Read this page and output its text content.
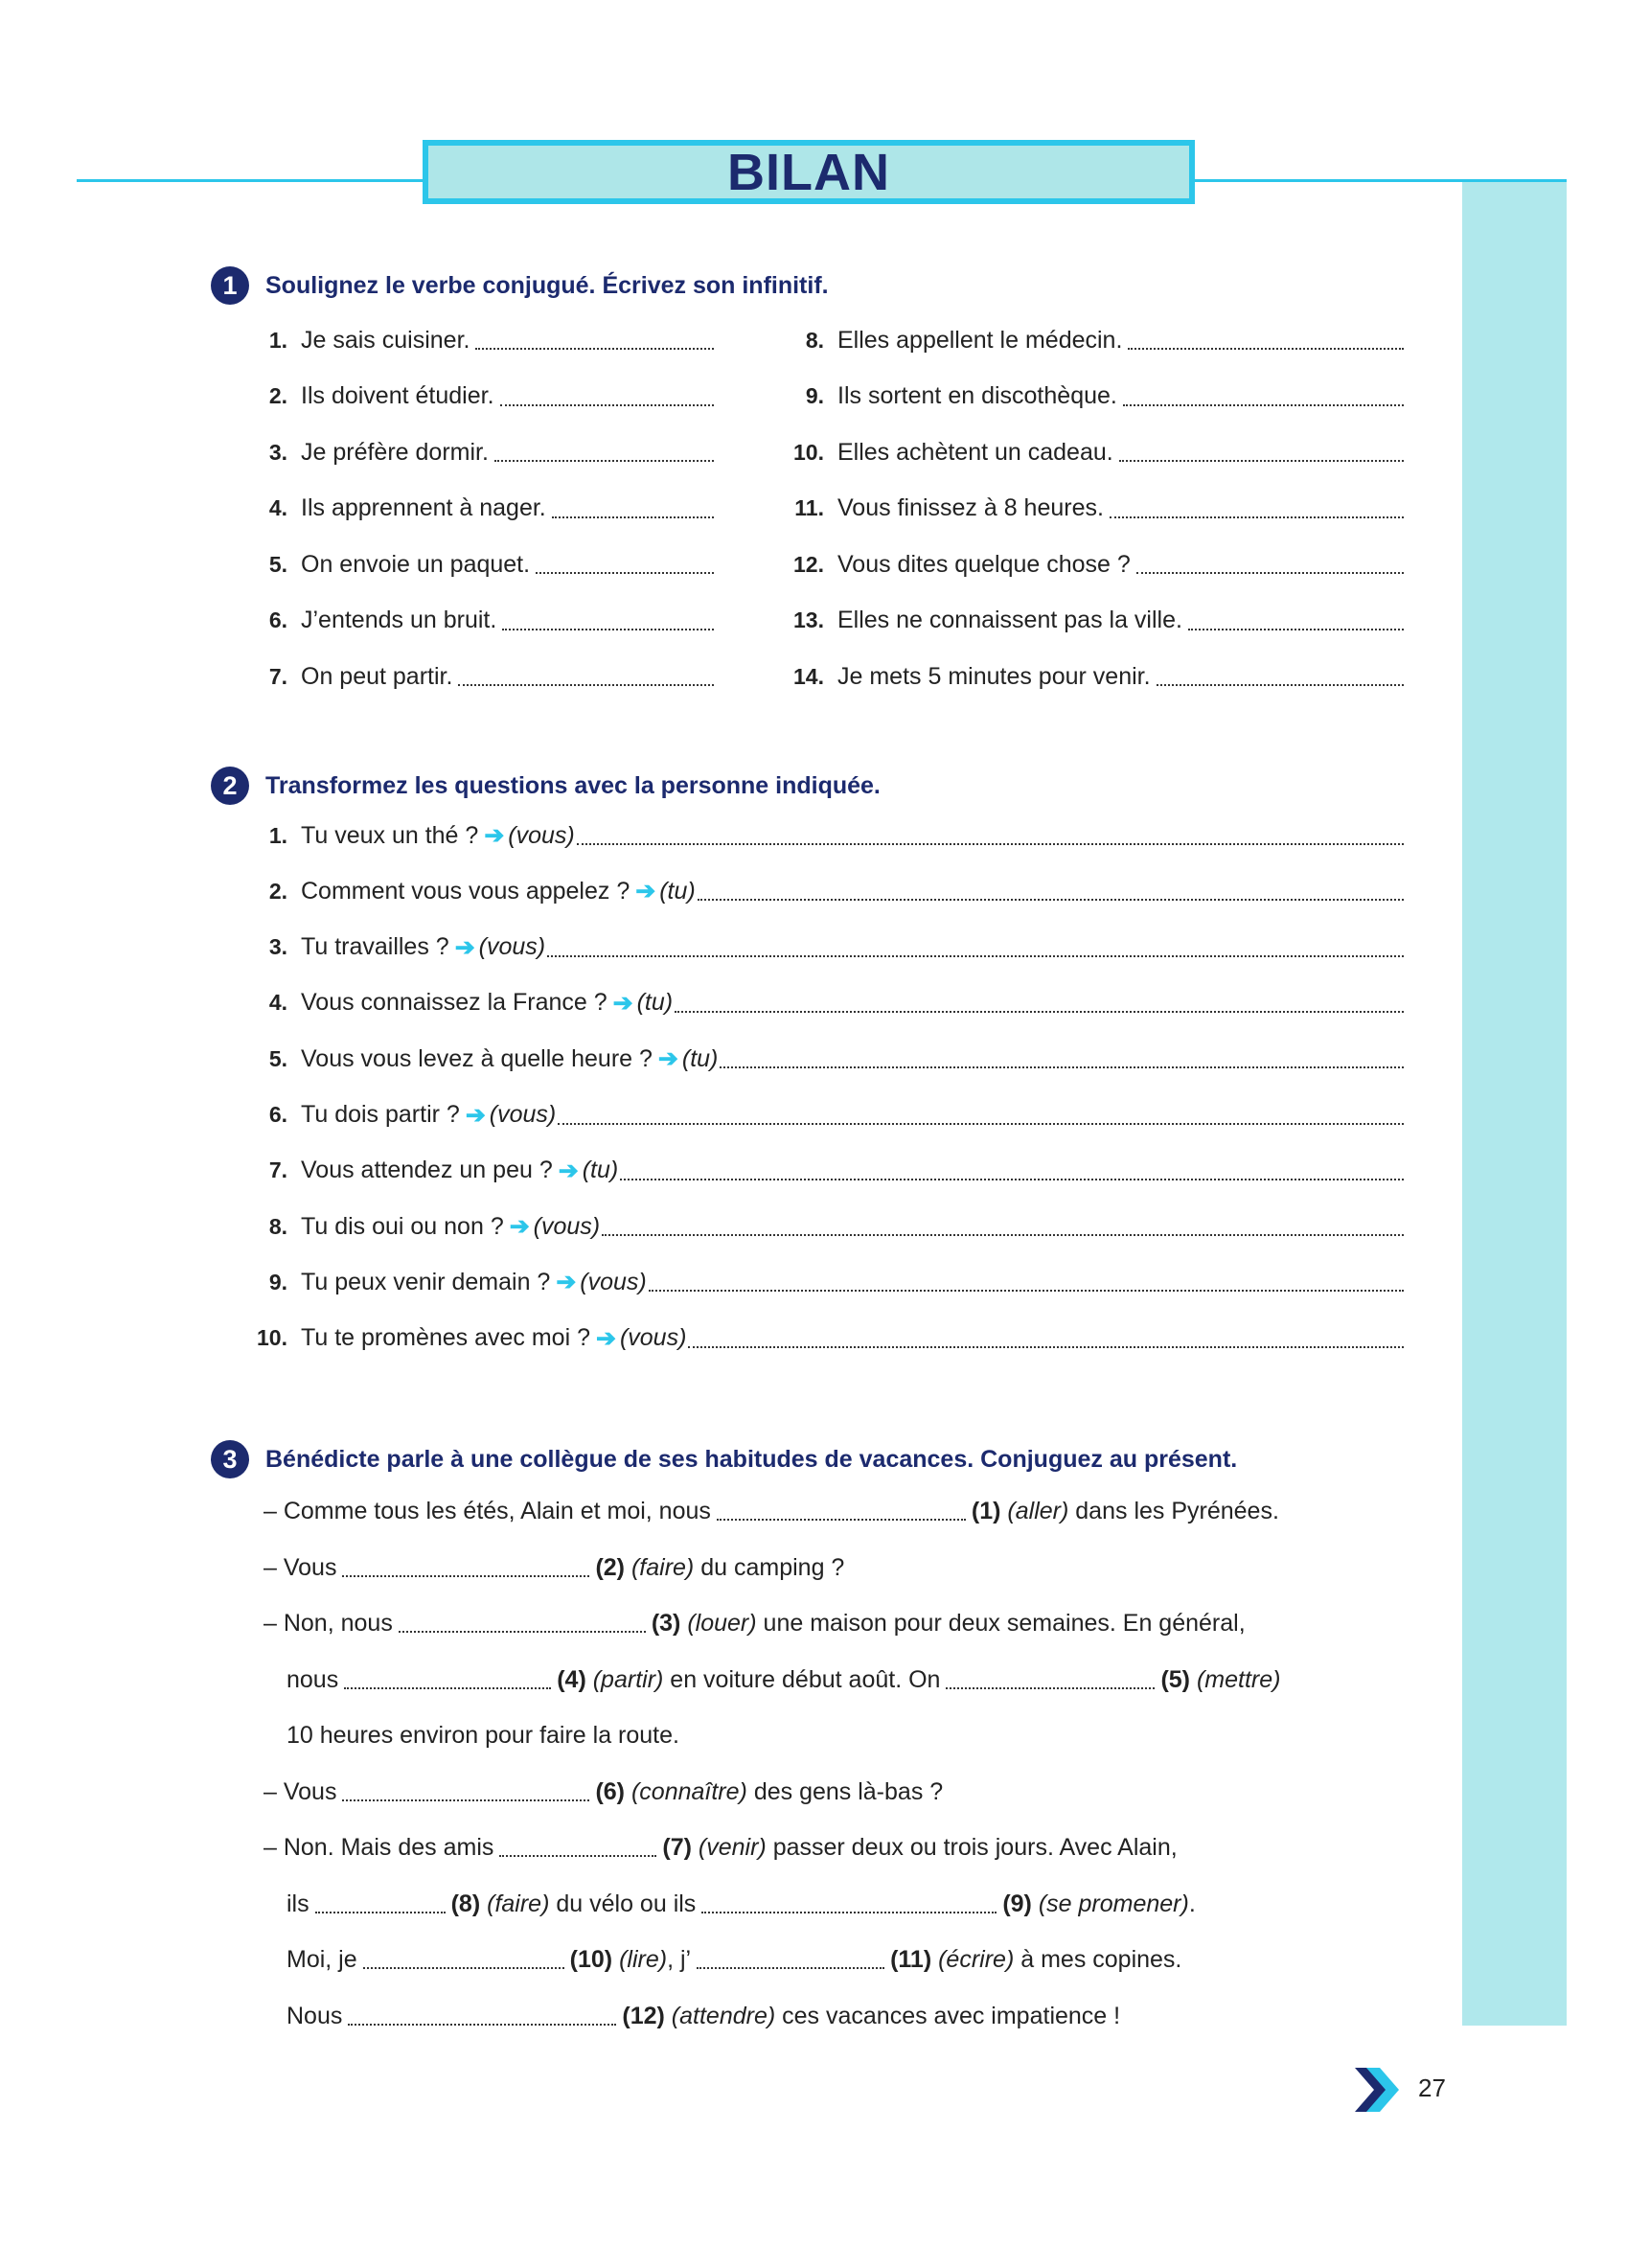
BILAN
1	Soulignez le verbe conjugué. Écrivez son infinitif.
1. Je sais cuisiner.
2. Ils doivent étudier.
3. Je préfère dormir.
4. Ils apprennent à nager.
5. On envoie un paquet.
6. J’entends un bruit.
7. On peut partir.
8. Elles appellent le médecin.
9. Ils sortent en discothèque.
10. Elles achètent un cadeau.
11. Vous finissez à 8 heures.
12. Vous dites quelque chose ?
13. Elles ne connaissent pas la ville.
14. Je mets 5 minutes pour venir.
2	Transformez les questions avec la personne indiquée.
1. Tu veux un thé ? ➔ (vous)
2. Comment vous vous appelez ? ➔ (tu)
3. Tu travailles ? ➔ (vous)
4. Vous connaissez la France ? ➔ (tu)
5. Vous vous levez à quelle heure ? ➔ (tu)
6. Tu dois partir ? ➔ (vous)
7. Vous attendez un peu ? ➔ (tu)
8. Tu dis oui ou non ? ➔ (vous)
9. Tu peux venir demain ? ➔ (vous)
10. Tu te promènes avec moi ? ➔ (vous)
3	Bénédicte parle à une collègue de ses habitudes de vacances. Conjuguez au présent.
– Comme tous les étés, Alain et moi, nous	(1)
(aller)
dans les Pyrénées.
– Vous	(2)
(faire)
du camping ?
– Non, nous	(3)
(louer)
une maison pour deux semaines. En général,
nous	(4)
(partir)
en voiture début août. On	(5)
(mettre)
10 heures environ pour faire la route.
– Vous	(6)
(connaître)
des gens là-bas ?
– Non. Mais des amis	(7)
(venir)
passer deux ou trois jours. Avec Alain,
ils	(8)
(faire)
du vélo ou ils	(9)
(se promener) .
Moi, je	(10)
(lire) , j’	(11)
(écrire)
à mes copines.
Nous	(12)
(attendre)
ces vacances avec impatience !
27
